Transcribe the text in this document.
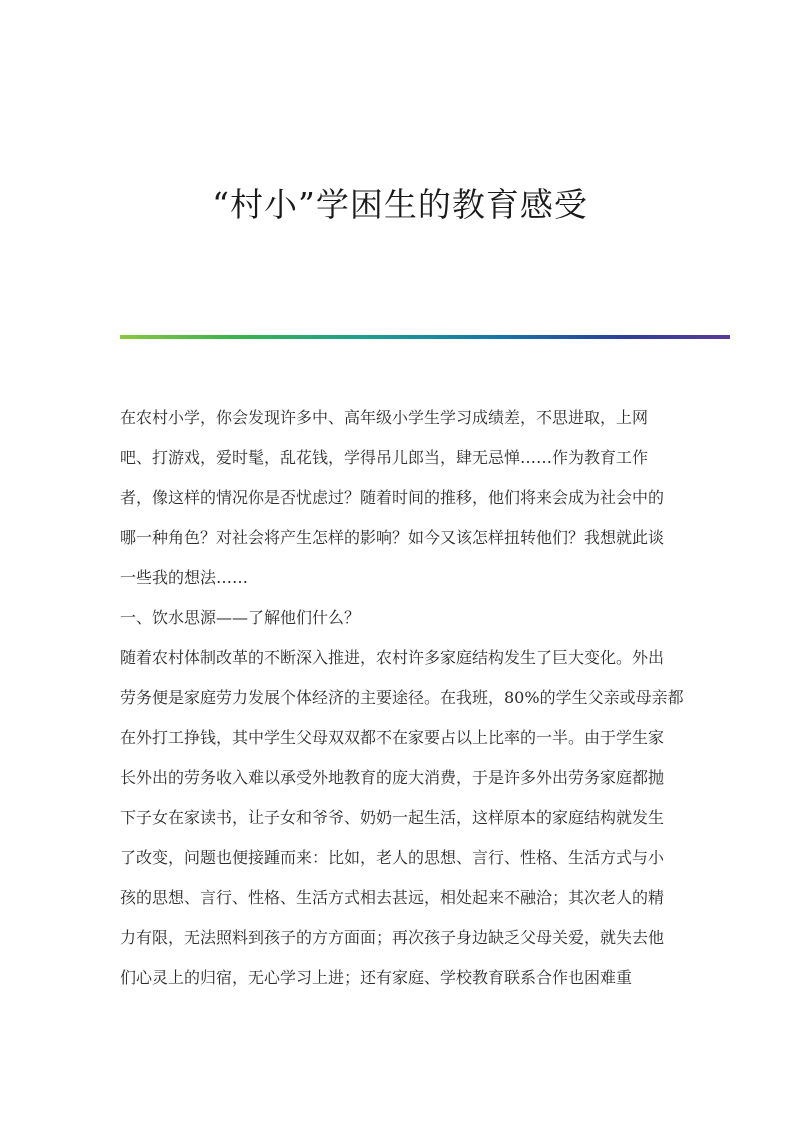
“村小”学困生的教育感受
在农村小学，你会发现许多中、高年级小学生学习成绩差，不思进取，上网
吧、打游戏，爱时髦，乱花钱，学得吊儿郎当，肆无忌惮……作为教育工作
者，像这样的情况你是否忧虑过？随着时间的推移，他们将来会成为社会中的
哪一种角色？对社会将产生怎样的影响？如今又该怎样扭转他们？我想就此谈
一些我的想法……
一、饮水思源——了解他们什么？
随着农村体制改革的不断深入推进，农村许多家庭结构发生了巨大变化。外出
劳务便是家庭劳力发展个体经济的主要途径。在我班，80%的学生父亲或母亲都
在外打工挣钱，其中学生父母双双都不在家要占以上比率的一半。由于学生家
长外出的劳务收入难以承受外地教育的庞大消费，于是许多外出劳务家庭都抛
下子女在家读书，让子女和爷爷、奶奶一起生活，这样原本的家庭结构就发生
了改变，问题也便接踵而来：比如，老人的思想、言行、性格、生活方式与小
孩的思想、言行、性格、生活方式相去甚远，相处起来不融洽；其次老人的精
力有限，无法照料到孩子的方方面面；再次孩子身边缺乏父母关爱，就失去他
们心灵上的归宿，无心学习上进；还有家庭、学校教育联系合作也困难重
